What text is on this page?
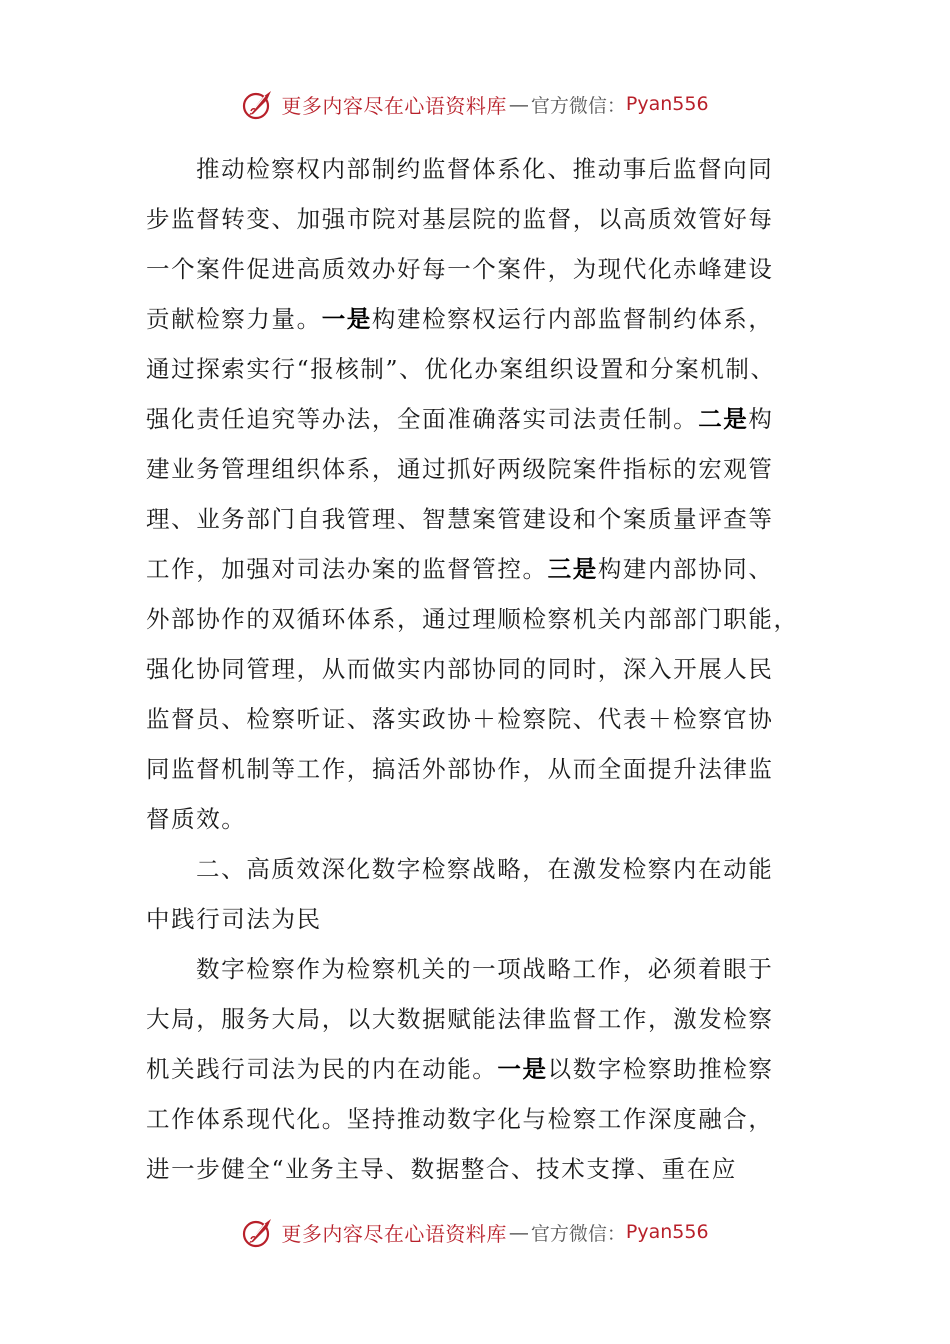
更多内容尽在心语资料库 — 官方微信： Pyan556
推动检察权内部制约监督体系化、推动事后监督向同
步监督转变、加强市院对基层院的监督，以高质效管好每
一个案件促进高质效办好每一个案件，为现代化赤峰建设
贡献检察力量。一是构建检察权运行内部监督制约体系，
通过探索实行“报核制”、优化办案组织设置和分案机制、
强化责任追究等办法，全面准确落实司法责任制。二是构
建业务管理组织体系，通过抓好两级院案件指标的宏观管
理、业务部门自我管理、智慧案管建设和个案质量评查等
工作，加强对司法办案的监督管控。三是构建内部协同、
外部协作的双循环体系，通过理顺检察机关内部部门职能，
强化协同管理，从而做实内部协同的同时，深入开展人民
监督员、检察听证、落实政协＋检察院、代表＋检察官协
同监督机制等工作，搞活外部协作，从而全面提升法律监
督质效。
二、高质效深化数字检察战略，在激发检察内在动能
中践行司法为民
数字检察作为检察机关的一项战略工作，必须着眼于
大局，服务大局，以大数据赋能法律监督工作，激发检察
机关践行司法为民的内在动能。一是以数字检察助推检察
工作体系现代化。坚持推动数字化与检察工作深度融合，
进一步健全“业务主导、数据整合、技术支撑、重在应
更多内容尽在心语资料库 — 官方微信： Pyan556
